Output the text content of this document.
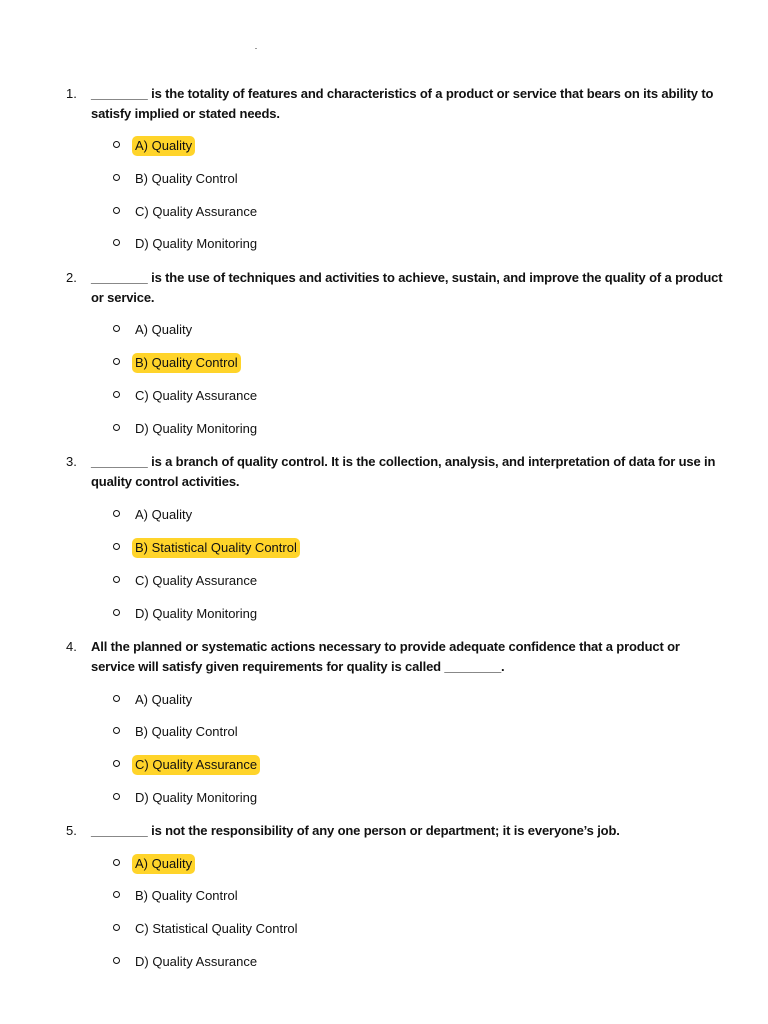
1. ________ is the totality of features and characteristics of a product or service that bears on its ability to satisfy implied or stated needs.
A) Quality
B) Quality Control
C) Quality Assurance
D) Quality Monitoring
2. ________ is the use of techniques and activities to achieve, sustain, and improve the quality of a product or service.
A) Quality
B) Quality Control
C) Quality Assurance
D) Quality Monitoring
3. ________ is a branch of quality control. It is the collection, analysis, and interpretation of data for use in quality control activities.
A) Quality
B) Statistical Quality Control
C) Quality Assurance
D) Quality Monitoring
4. All the planned or systematic actions necessary to provide adequate confidence that a product or service will satisfy given requirements for quality is called ________.
A) Quality
B) Quality Control
C) Quality Assurance
D) Quality Monitoring
5. ________ is not the responsibility of any one person or department; it is everyone’s job.
A) Quality
B) Quality Control
C) Statistical Quality Control
D) Quality Assurance
